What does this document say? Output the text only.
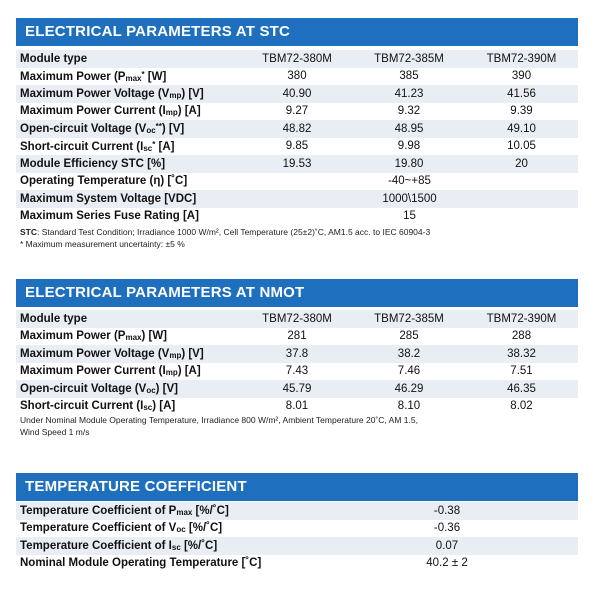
ELECTRICAL PARAMETERS AT STC
Module type	TBM72-380M	TBM72-385M	TBM72-390M
Maximum Power ($P_{max}^*$ [W]	380	385	390
Maximum Power Voltage $(V_{mp})$ [V]	40.90	41.23	41.56
Maximum Power Current $(I_{mp})$ [A]	9.27	9.32	9.39
Open-circuit Voltage $(V_{oc}^{**})$ [V]	48.82	48.95	49.10
Short-circuit Current ($I_{sc}^*$ [A]	9.85	9.98	10.05
Module Efficiency STC [%]	19.53	19.80	20
Operating Temperature (η) [˚C]	-40~+85		
Maximum System Voltage [VDC]	1000\1500		
Maximum Series Fuse Rating [A]	15		
STC: Standard Test Condition; Irradiance 1000 W/m², Cell Temperature (25±2)˚C, AM1.5 acc. to IEC 60904-3
* Maximum measurement uncertainty: ±5 %
ELECTRICAL PARAMETERS AT NMOT
Module type	TBM72-380M	TBM72-385M	TBM72-390M
Maximum Power $(P_{max})$ [W]	281	285	288
Maximum Power Voltage $(V_{mp})$ [V]	37.8	38.2	38.32
Maximum Power Current $(I_{mp})$ [A]	7.43	7.46	7.51
Open-circuit Voltage $(V_{oc})$ [V]	45.79	46.29	46.35
Short-circuit Current $(I_{sc})$ [A]	8.01	8.10	8.02
Under Nominal Module Operating Temperature, Irradiance 800 W/m², Ambient Temperature 20˚C, AM 1.5,
Wind Speed 1 m/s
TEMPERATURE COEFFICIENT
Temperature Coefficient of $P_{max}$ [%/˚C]	-0.38
Temperature Coefficient of $V_{oc}$ [%/˚C]	-0.36
Temperature Coefficient of $I_{sc}$ [%/˚C]	0.07
Nominal Module Operating Temperature [˚C]	40.2 ± 2
